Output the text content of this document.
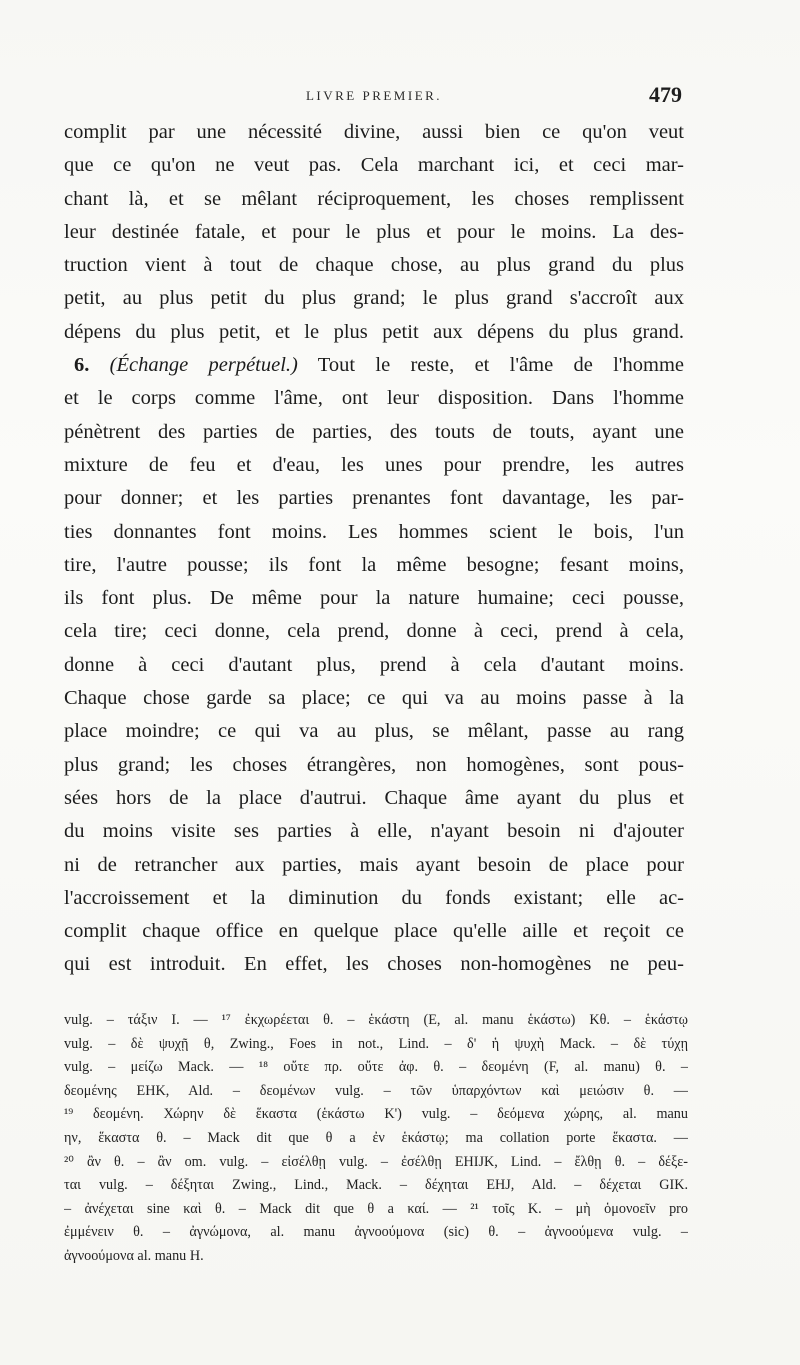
LIVRE PREMIER.	479
complit par une nécessité divine, aussi bien ce qu'on veut
que ce qu'on ne veut pas. Cela marchant ici, et ceci mar-
chant là, et se mêlant réciproquement, les choses remplissent
leur destinée fatale, et pour le plus et pour le moins. La des-
truction vient à tout de chaque chose, au plus grand du plus
petit, au plus petit du plus grand; le plus grand s'accroît aux
dépens du plus petit, et le plus petit aux dépens du plus grand.
6. (Échange perpétuel.) Tout le reste, et l'âme de l'homme
et le corps comme l'âme, ont leur disposition. Dans l'homme
pénètrent des parties de parties, des touts de touts, ayant une
mixture de feu et d'eau, les unes pour prendre, les autres
pour donner; et les parties prenantes font davantage, les par-
ties donnantes font moins. Les hommes scient le bois, l'un
tire, l'autre pousse; ils font la même besogne; fesant moins,
ils font plus. De même pour la nature humaine; ceci pousse,
cela tire; ceci donne, cela prend, donne à ceci, prend à cela,
donne à ceci d'autant plus, prend à cela d'autant moins.
Chaque chose garde sa place; ce qui va au moins passe à la
place moindre; ce qui va au plus, se mêlant, passe au rang
plus grand; les choses étrangères, non homogènes, sont pous-
sées hors de la place d'autrui. Chaque âme ayant du plus et
du moins visite ses parties à elle, n'ayant besoin ni d'ajouter
ni de retrancher aux parties, mais ayant besoin de place pour
l'accroissement et la diminution du fonds existant; elle ac-
complit chaque office en quelque place qu'elle aille et reçoit ce
qui est introduit. En effet, les choses non-homogènes ne peu-
vulg. – τάξιν I. — ¹⁷ ἐκχωρέεται θ. – ἑκάστη (E, al. manu ἑκάστω) Kθ. – ἑκάστῳ
vulg. – δὲ ψυχῇ θ, Zwing., Foes in not., Lind. – δ' ἡ ψυχὴ Mack. – δὲ τύχῃ
vulg. – μείζω Mack. — ¹⁸ οὔτε πρ. οὔτε ἀφ. θ. – δεομένη (F, al. manu) θ. –
δεομένης EHK, Ald. – δεομένων vulg. – τῶν ὑπαρχόντων καὶ μειώσιν θ. —
¹⁹ δεομένη. Χώρην δὲ ἕκαστα (ἑκάστω K') vulg. – δεόμενα χώρης, al. manu
ην, ἕκαστα θ. – Mack dit que θ a ἐν ἑκάστῳ; ma collation porte ἕκαστα. —
²⁰ ἂν θ. – ἂν om. vulg. – εἰσέλθῃ vulg. – ἐσέλθῃ EHIJK, Lind. – ἔλθῃ θ. – δέξε-
ται vulg. – δέξηται Zwing., Lind., Mack. – δέχηται EHJ, Ald. – δέχεται GIK.
– ἀνέχεται sine καὶ θ. – Mack dit que θ a καί. — ²¹ τοῖς K. – μὴ ὁμονοεῖν pro
ἐμμένειν θ. – ἀγνώμονα, al. manu ἀγνοούμονα (sic) θ. – ἀγνοούμενα vulg. –
ἀγνοούμονα al. manu H.
